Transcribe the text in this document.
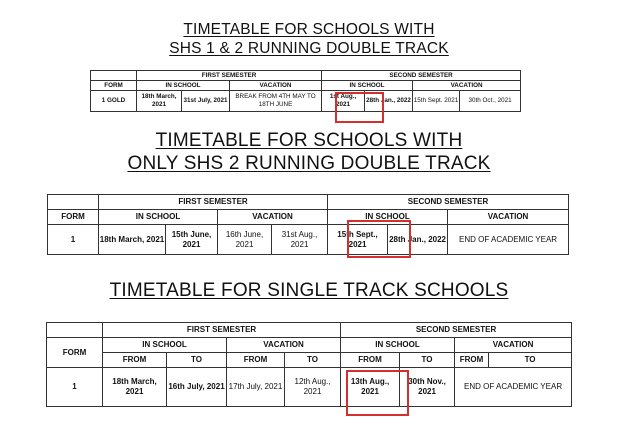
TIMETABLE FOR SCHOOLS WITH
SHS 1 & 2 RUNNING DOUBLE TRACK
TIMETABLE FOR SCHOOLS WITH
ONLY SHS 2 RUNNING DOUBLE TRACK
TIMETABLE FOR SINGLE TRACK SCHOOLS
	FIRST SEMESTER			SECOND SEMESTER			
FORM	IN SCHOOL		VACATION	IN SCHOOL		VACATION	
1 GOLD	18th March, 2021	31st July, 2021	BREAK FROM 4TH MAY TO 18TH JUNE	1st Aug., 2021	28th Jan., 2022	15th Sept. 2021	30th Oct., 2021
	FIRST SEMESTER				SECOND SEMESTER		
FORM	IN SCHOOL		VACATION		IN SCHOOL		VACATION
1	18th March, 2021	15th June, 2021	16th June, 2021	31st Aug., 2021	15th Sept., 2021	28th Jan., 2022	END OF ACADEMIC YEAR
	FIRST SEMESTER				SECOND SEMESTER			
FORM	IN SCHOOL		VACATION		IN SCHOOL		VACATION	
	FROM	TO	FROM	TO	FROM	TO	FROM	TO
1	18th March, 2021	16th July, 2021	17th July, 2021	12th Aug., 2021	13th Aug., 2021	30th Nov., 2021	END OF ACADEMIC YEAR	
